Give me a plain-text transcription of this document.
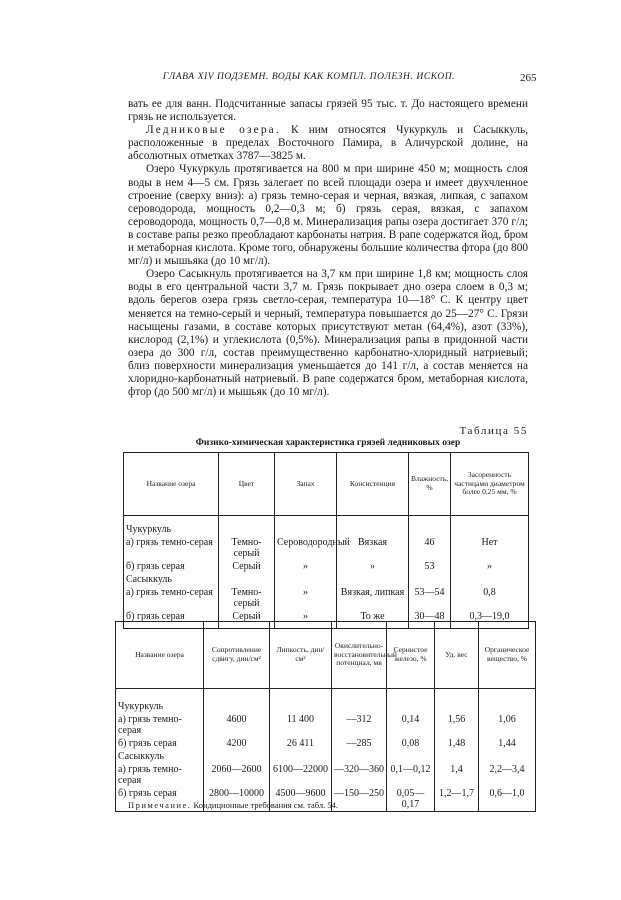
ГЛАВА XIV ПОДЗЕМН. ВОДЫ КАК КОМПЛ. ПОЛЕЗН. ИСКОП.	265

вать ее для ванн. Подсчитанные запасы грязей 95 тыс. т. До настоящего времени грязь не используется.

Ледниковые озера. К ним относятся Чукуркуль и Сасыккуль, расположенные в пределах Восточного Памира, в Аличурской долине, на абсолютных отметках 3787—3825 м.

Озеро Чукуркуль протягивается на 800 м при ширине 450 м; мощность слоя воды в нем 4—5 см. Грязь залегает по всей площади озера и имеет двухчленное строение (сверху вниз): а) грязь темно-серая и черная, вязкая, липкая, с запахом сероводорода, мощность 0,2—0,3 м; б) грязь серая, вязкая, с запахом сероводорода, мощность 0,7—0,8 м. Минерализация рапы озера достигает 370 г/л; в составе рапы резко преобладают карбонаты натрия. В рапе содержатся йод, бром и метаборная кислота. Кроме того, обнаружены большие количества фтора (до 800 мг/л) и мышьяка (до 10 мг/л).

Озеро Сасыкнуль протягивается на 3,7 км при ширине 1,8 км; мощность слоя воды в его центральной части 3,7 м. Грязь покрывает дно озера слоем в 0,3 м; вдоль берегов озера грязь светло-серая, температура 10—18° С. К центру цвет меняется на темно-серый и черный, температура повышается до 25—27° С. Грязи насыщены газами, в составе которых присутствуют метан (64,4%), азот (33%), кислород (2,1%) и углекислота (0,5%). Минерализация рапы в придонной части озера до 300 г/л, состав преимущественно карбонатно-хлоридный натриевый; близ поверхности минерализация уменьшается до 141 г/л, а состав меняется на хлоридно-карбонатный натриевый. В рапе содержатся бром, метаборная кислота, фтор (до 500 мг/л) и мышьяк (до 10 мг/л).

Таблица 55
Физико-химическая характеристика грязей ледниковых озер
Название озера	Цвет	Запах	Консистенция	Влажность, %	Засоренность частицами диаметром более 0,25 мм, %
Чукуркуль					
а) грязь темно-серая	Темно-серый	Сероводородный	Вязкая	46	Нет
б) грязь серая	Серый	»	»	53	»
Сасыккуль					
а) грязь темно-серая	Темно-серый	»	Вязкая, липкая	53—54	0,8
б) грязь серая	Серый	»	То же	30—48	0,3—19,0
Название озера	Сопротивление сдвигу, дин/см²	Липкость, дин/см²	Окислительно-восстановительный потенциал, мв	Сернистое железо, %	Уд. вес	Органическое вещество, %
Чукуркуль						
а) грязь темно-серая	4600	11 400	—312	0,14	1,56	1,06
б) грязь серая	4200	26 411	—285	0,08	1,48	1,44
Сасыккуль						
а) грязь темно-серая	2060—2600	6100—22000	—320—360	0,1—0,12	1,4	2,2—3,4
б) грязь серая	2800—10000	4500—9600	—150—250	0,05—0,17	1,2—1,7	0,6—1,0
Примечание. Кондиционные требования см. табл. 54.
